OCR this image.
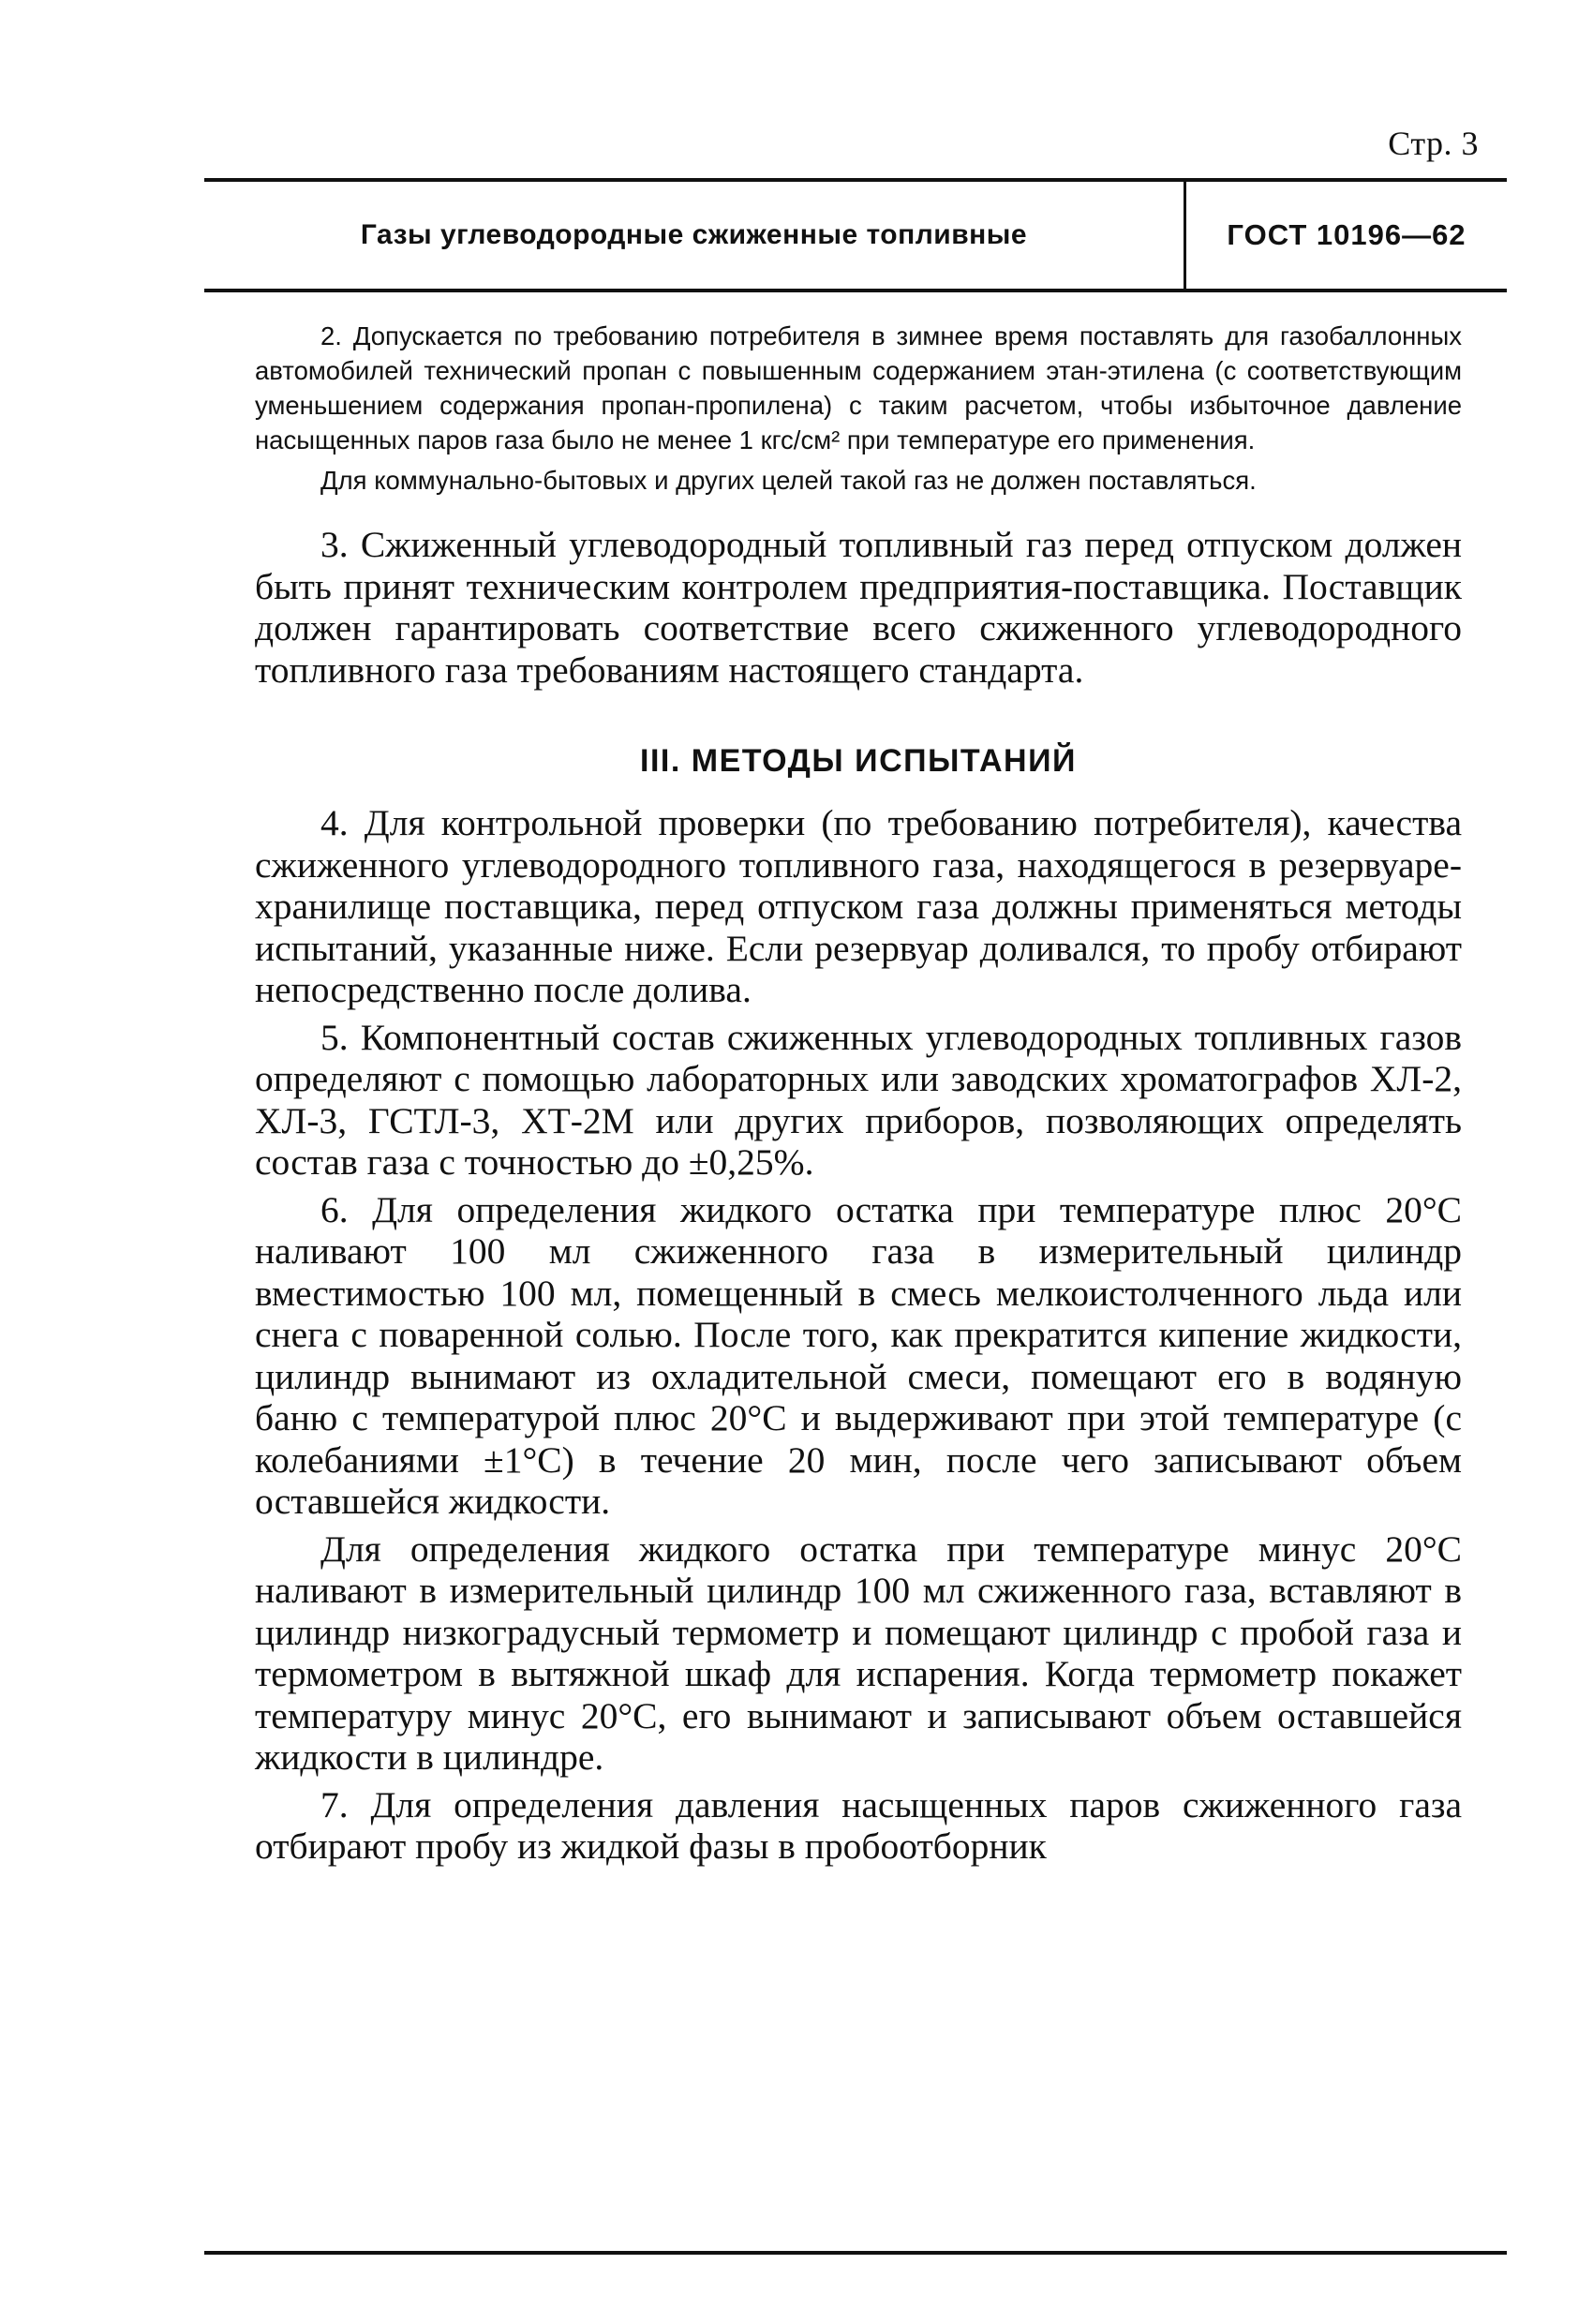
Стр. 3
Газы углеводородные сжиженные топливные	ГОСТ 10196—62

2. Допускается по требованию потребителя в зимнее время поставлять для газобаллонных автомобилей технический пропан с повышенным содержанием этан-этилена (с соответствующим уменьшением содержания пропан-пропилена) с таким расчетом, чтобы избыточное давление насыщенных паров газа было не менее 1 кгс/см² при температуре его применения.

Для коммунально-бытовых и других целей такой газ не должен поставляться.

3. Сжиженный углеводородный топливный газ перед отпуском должен быть принят техническим контролем предприятия-поставщика. Поставщик должен гарантировать соответствие всего сжиженного углеводородного топливного газа требованиям настоящего стандарта.

III. МЕТОДЫ ИСПЫТАНИЙ

4. Для контрольной проверки (по требованию потребителя), качества сжиженного углеводородного топливного газа, находящегося в резервуаре-хранилище поставщика, перед отпуском газа должны применяться методы испытаний, указанные ниже. Если резервуар доливался, то пробу отбирают непосредственно после долива.

5. Компонентный состав сжиженных углеводородных топливных газов определяют с помощью лабораторных или заводских хроматографов ХЛ-2, ХЛ-3, ГСТЛ-3, ХТ-2М или других приборов, позволяющих определять состав газа с точностью до ±0,25%.

6. Для определения жидкого остатка при температуре плюс 20°С наливают 100 мл сжиженного газа в измерительный цилиндр вместимостью 100 мл, помещенный в смесь мелкоистолченного льда или снега с поваренной солью. После того, как прекратится кипение жидкости, цилиндр вынимают из охладительной смеси, помещают его в водяную баню с температурой плюс 20°С и выдерживают при этой температуре (с колебаниями ±1°С) в течение 20 мин, после чего записывают объем оставшейся жидкости.

Для определения жидкого остатка при температуре минус 20°С наливают в измерительный цилиндр 100 мл сжиженного газа, вставляют в цилиндр низкоградусный термометр и помещают цилиндр с пробой газа и термометром в вытяжной шкаф для испарения. Когда термометр покажет температуру минус 20°С, его вынимают и записывают объем оставшейся жидкости в цилиндре.

7. Для определения давления насыщенных паров сжиженного газа отбирают пробу из жидкой фазы в пробоотборник
